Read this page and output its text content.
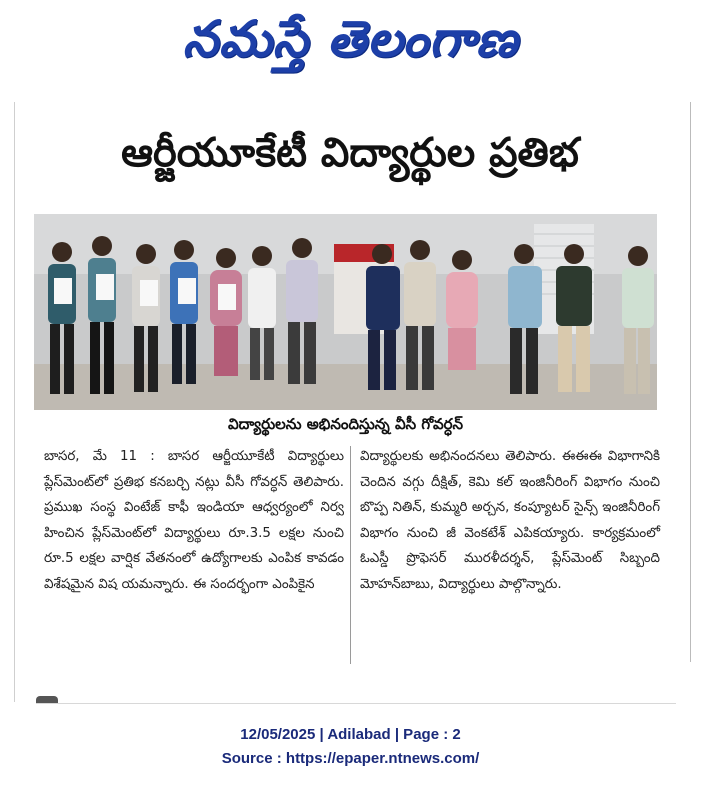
నమస్తే తెలంగాణ
ఆర్జీయూకేటీ విద్యార్థుల ప్రతిభ
విద్యార్థులను అభినందిస్తున్న వీసీ గోవర్ధన్
బాసర, మే 11 : బాసర ఆర్జీయూకేటీ విద్యార్థులు ప్లేస్‌మెంట్‌లో ప్రతిభ కనబర్చి నట్లు వీసీ గోవర్ధన్ తెలిపారు. ప్రముఖ సంస్థ వింటేజ్ కాఫీ ఇండియా ఆధ్వర్యంలో నిర్వ హించిన ప్లేస్‌మెంట్‌లో విద్యార్థులు రూ.3.5 లక్షల నుంచి రూ.5 లక్షల వార్షిక వేతనంలో ఉద్యోగాలకు ఎంపిక కావడం విశేషమైన విష యమన్నారు. ఈ సందర్భంగా ఎంపికైన
విద్యార్థులకు అభినందనలు తెలిపారు. ఈఈఈ విభాగానికి చెందిన వగ్గు దీక్షిత్, కెమి కల్ ఇంజినీరింగ్ విభాగం నుంచి బొప్ప నితిన్, కుమ్మరి అర్చన, కంప్యూటర్ సైన్స్ ఇంజినీరింగ్ విభాగం నుంచి జీ వెంకటేశ్ ఎపికయ్యారు. కార్యక్రమంలో ఓఎస్డీ ప్రొఫెసర్ మురళీదర్శన్, ప్లేస్‌మెంట్ సిబ్బంది మోహన్‌బాబు, విద్యార్థులు పాల్గొన్నారు.
12/05/2025 | Adilabad | Page : 2
Source : https://epaper.ntnews.com/
